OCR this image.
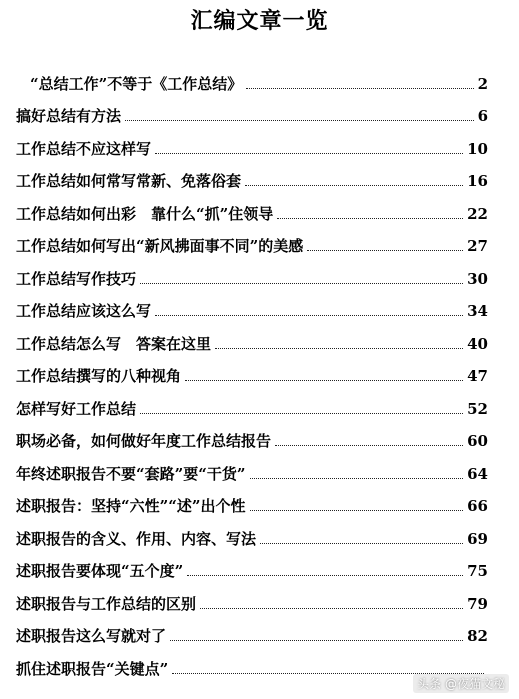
汇编文章一览
“总结工作”不等于《工作总结》	2
搞好总结有方法	6
工作总结不应这样写	10
工作总结如何常写常新、免落俗套	16
工作总结如何出彩　靠什么“抓”住领导	22
工作总结如何写出“新风拂面事不同”的美感	27
工作总结写作技巧	30
工作总结应该这么写	34
工作总结怎么写　答案在这里	40
工作总结撰写的八种视角	47
怎样写好工作总结	52
职场必备，如何做好年度工作总结报告	60
年终述职报告不要“套路”要“干货”	64
述职报告：坚持“六性”“述”出个性	66
述职报告的含义、作用、内容、写法	69
述职报告要体现“五个度”	75
述职报告与工作总结的区别	79
述职报告这么写就对了	82
抓住述职报告“关键点”
头条 @夜猫文秘
